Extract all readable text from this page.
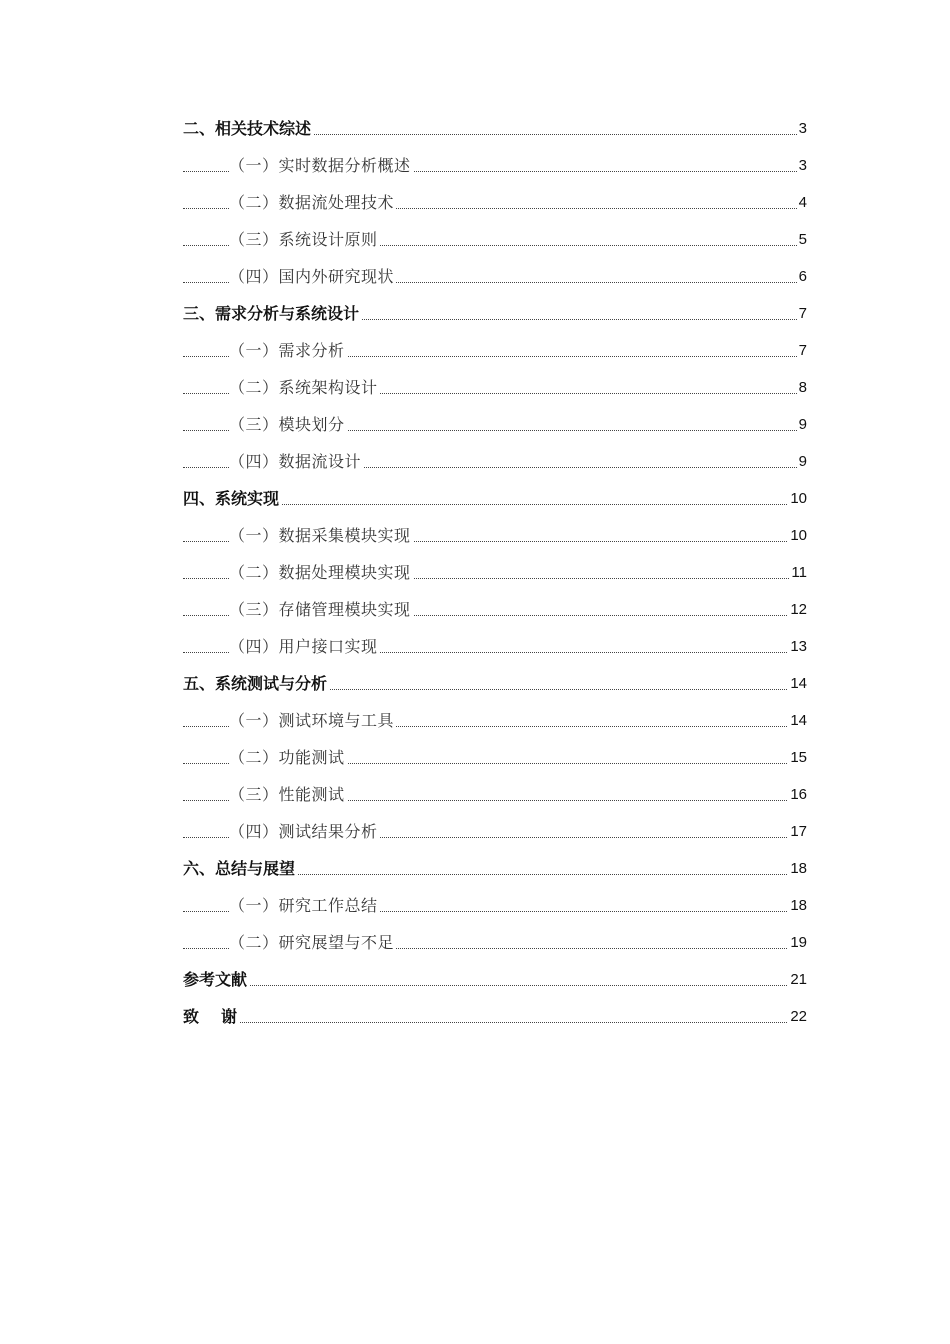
二、相关技术综述	3
（一）实时数据分析概述	3
（二）数据流处理技术	4
（三）系统设计原则	5
（四）国内外研究现状	6
三、需求分析与系统设计	7
（一）需求分析	7
（二）系统架构设计	8
（三）模块划分	9
（四）数据流设计	9
四、系统实现	10
（一）数据采集模块实现	10
（二）数据处理模块实现	11
（三）存储管理模块实现	12
（四）用户接口实现	13
五、系统测试与分析	14
（一）测试环境与工具	14
（二）功能测试	15
（三）性能测试	16
（四）测试结果分析	17
六、总结与展望	18
（一）研究工作总结	18
（二）研究展望与不足	19
参考文献	21
致 谢	22
